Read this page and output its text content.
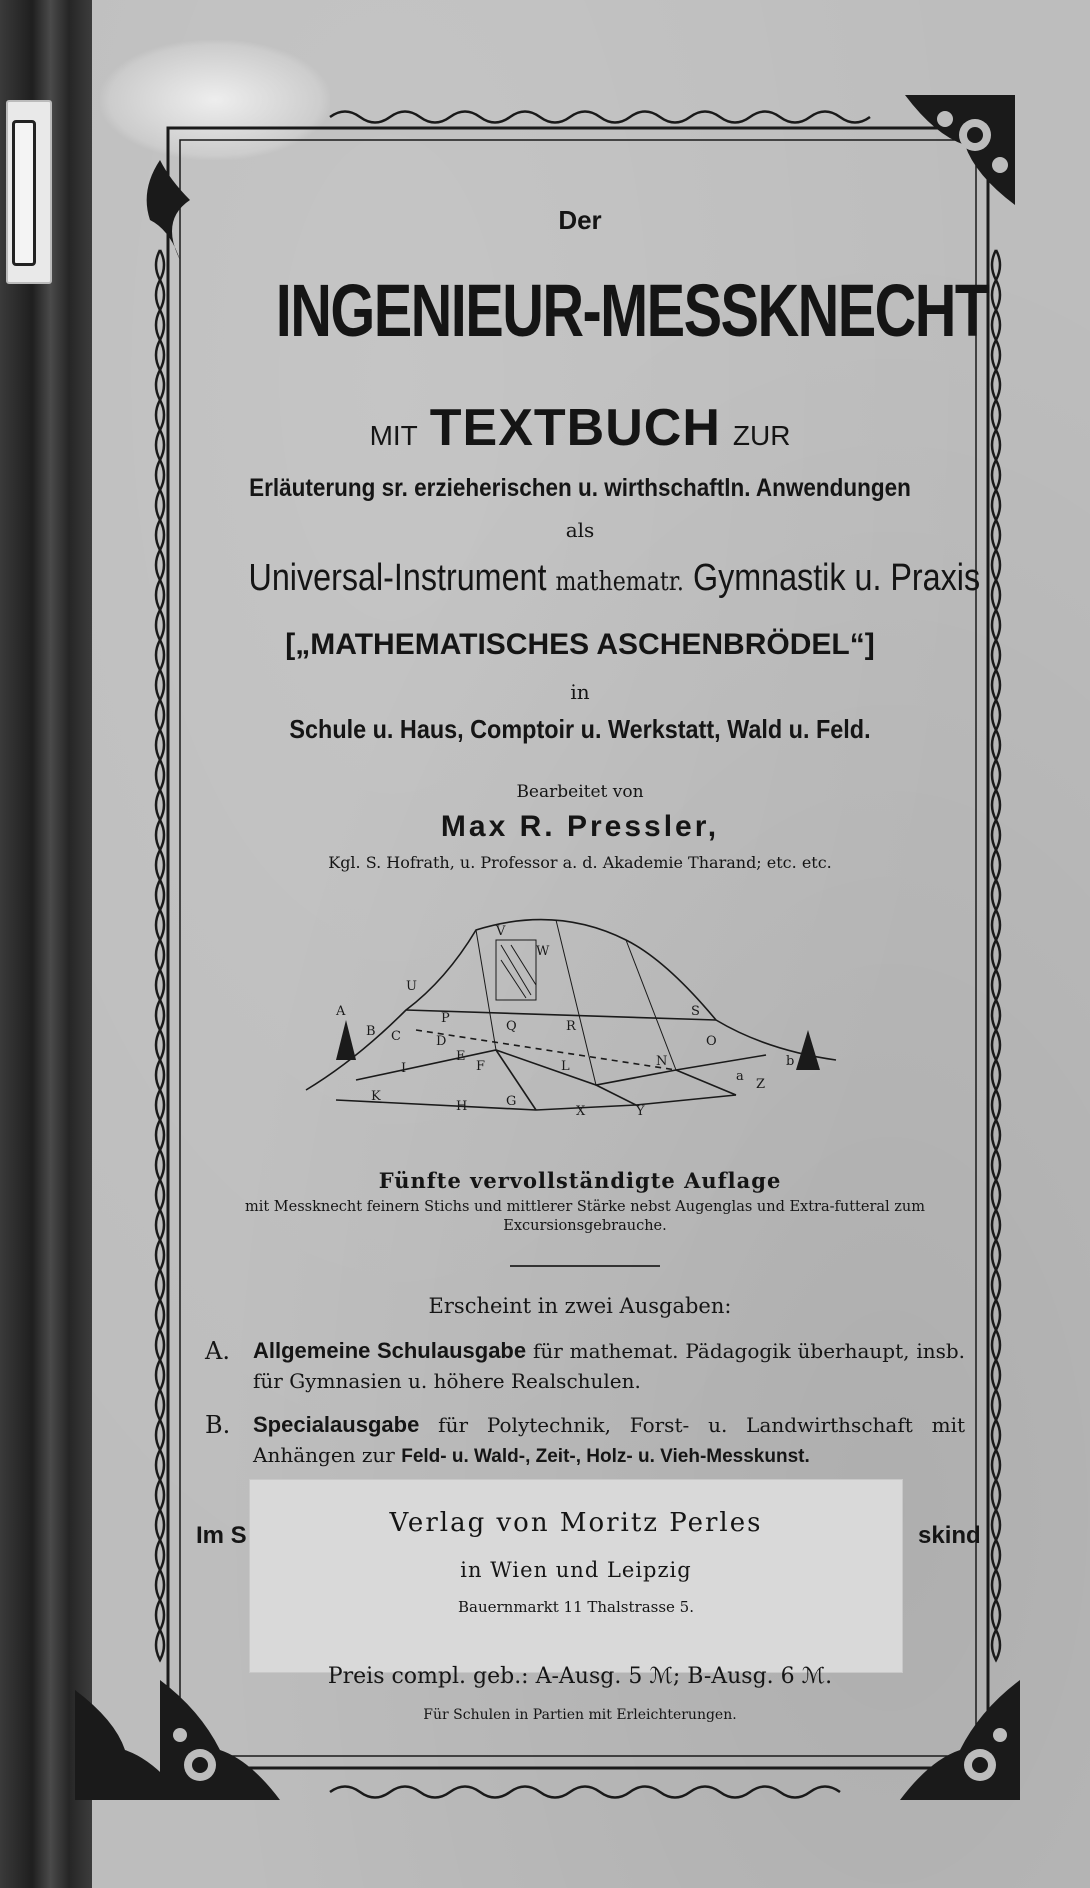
Der
INGENIEUR-MESSKNECHT
MIT TEXTBUCH ZUR
Erläuterung sr. erzieherischen u. wirthschaftln. Anwendungen
als
Universal-Instrument mathematr. Gymnastik u. Praxis
[„MATHEMATISCHES ASCHENBRÖDEL“]
in
Schule u. Haus, Comptoir u. Werkstatt, Wald u. Feld.
Bearbeitet von
Max R. Pressler,
Kgl. S. Hofrath, u. Professor a. d. Akademie Tharand; etc. etc.
A
B C	D
E
F
G
H
I
K
L	N
O
P
Q	R
S
U
V
W
X	Y
Z
a
b
Fünfte vervollständigte Auflage
mit Messknecht feinern Stichs und mittlerer Stärke nebst Augenglas und Extra-futteral zum Excursionsgebrauche.
Erscheint in zwei Ausgaben:
A. Allgemeine Schulausgabe für mathemat. Pädagogik überhaupt, insb. für Gymnasien u. höhere Realschulen.
B. Specialausgabe für Polytechnik, Forst- u. Landwirthschaft mit Anhängen zur Feld- u. Wald-, Zeit-, Holz- u. Vieh-Messkunst.
Im S	skind
Verlag von Moritz Perles
in Wien und Leipzig
Bauernmarkt 11 Thalstrasse 5.
Preis compl. geb.: A-Ausg. 5 ℳ; B-Ausg. 6 ℳ.
Für Schulen in Partien mit Erleichterungen.
